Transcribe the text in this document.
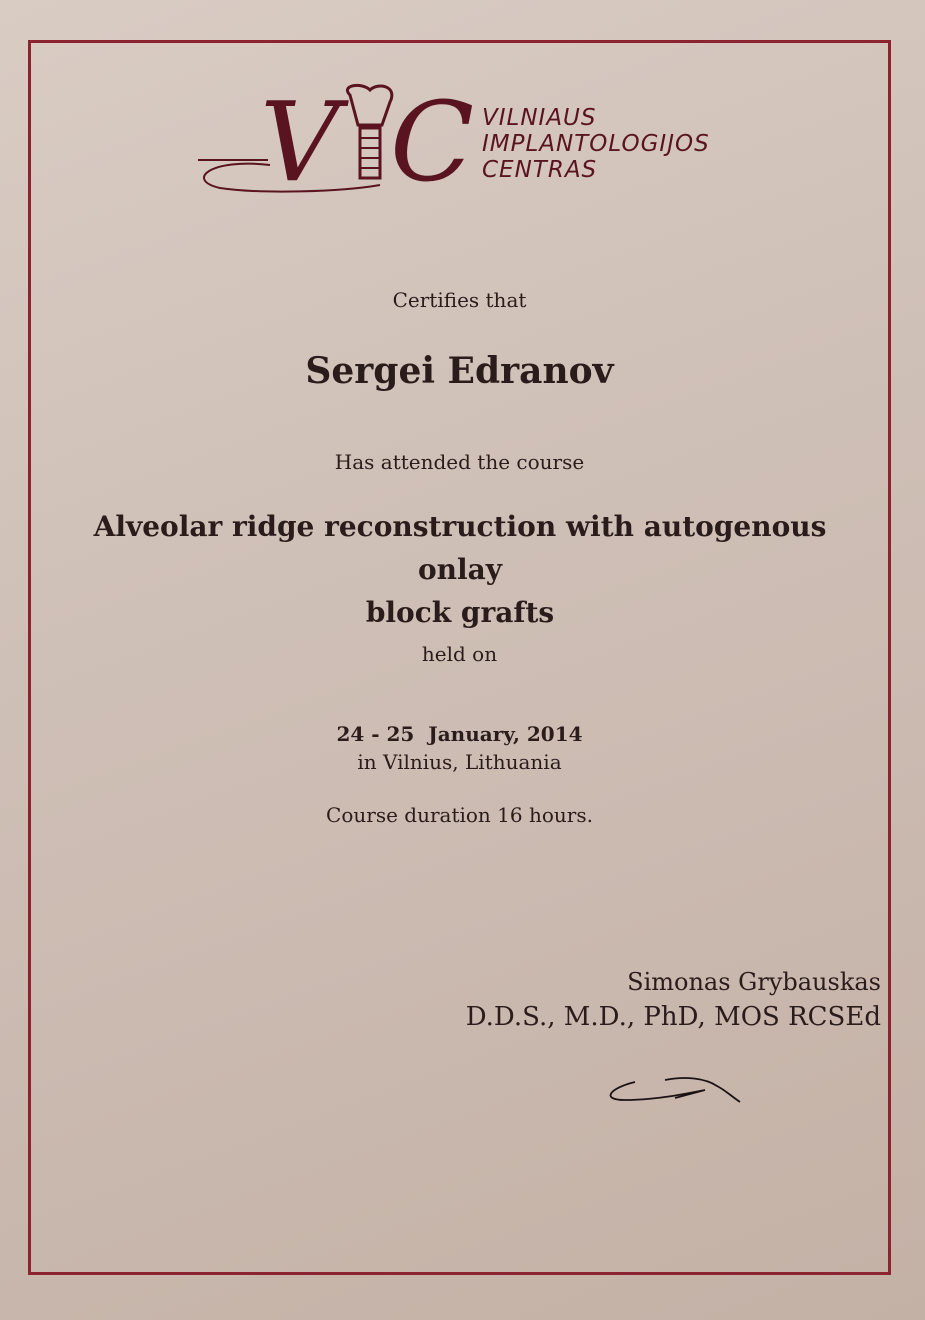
V C VILNIAUS
IMPLANTOLOGIJOS
CENTRAS
Certifies that
Sergei Edranov
Has attended the course
Alveolar ridge reconstruction with autogenous onlay
block grafts
held on
24 - 25  January, 2014
in Vilnius, Lithuania
Course duration 16 hours.
Simonas Grybauskas
D.D.S., M.D., PhD, MOS RCSEd
